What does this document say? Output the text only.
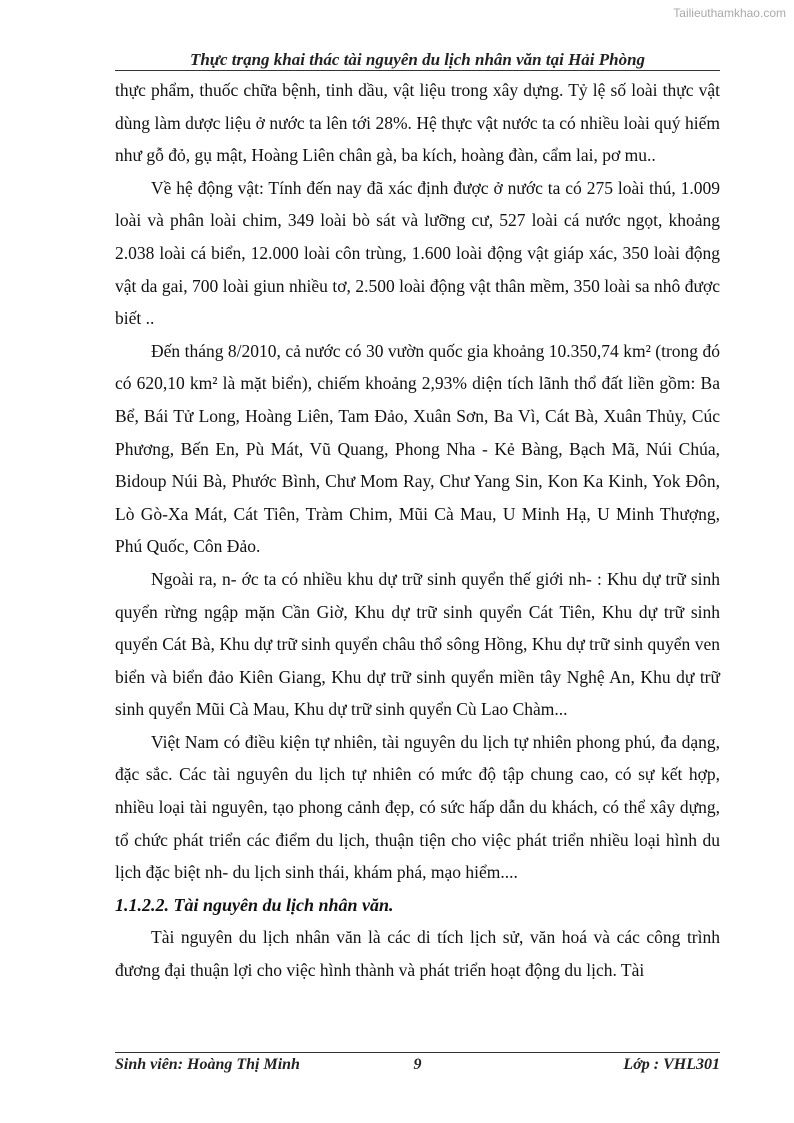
Tailieuthamkhao.com
Thực trạng khai thác tài nguyên du lịch nhân văn tại Hải Phòng

thực phẩm, thuốc chữa bệnh, tinh dầu, vật liệu trong xây dựng. Tỷ lệ số loài thực vật dùng làm dược liệu ở nước ta lên tới 28%. Hệ thực vật nước ta có nhiều loài quý hiếm như gỗ đỏ, gụ mật, Hoàng Liên chân gà, ba kích, hoàng đàn, cẩm lai, pơ mu..

Về hệ động vật: Tính đến nay đã xác định được ở nước ta có 275 loài thú, 1.009 loài và phân loài chim, 349 loài bò sát và lưỡng cư, 527 loài cá nước ngọt, khoảng 2.038 loài cá biển, 12.000 loài côn trùng, 1.600 loài động vật giáp xác, 350 loài động vật da gai, 700 loài giun nhiều tơ, 2.500 loài động vật thân mềm, 350 loài sa nhô được biết ..

Đến tháng 8/2010, cả nước có 30 vườn quốc gia khoảng 10.350,74 km² (trong đó có 620,10 km² là mặt biển), chiếm khoảng 2,93% diện tích lãnh thổ đất liền gồm: Ba Bể, Bái Tử Long, Hoàng Liên, Tam Đảo, Xuân Sơn, Ba Vì, Cát Bà, Xuân Thủy, Cúc Phương, Bến En, Pù Mát, Vũ Quang, Phong Nha - Kẻ Bàng, Bạch Mã, Núi Chúa, Bidoup Núi Bà, Phước Bình, Chư Mom Ray, Chư Yang Sin, Kon Ka Kinh, Yok Đôn, Lò Gò-Xa Mát, Cát Tiên, Tràm Chim, Mũi Cà Mau, U Minh Hạ, U Minh Thượng, Phú Quốc, Côn Đảo.

Ngoài ra, n- ớc ta có nhiều khu dự trữ sinh quyển thế giới nh- : Khu dự trữ sinh quyển rừng ngập mặn Cần Giờ, Khu dự trữ sinh quyển Cát Tiên, Khu dự trữ sinh quyển Cát Bà, Khu dự trữ sinh quyển châu thổ sông Hồng, Khu dự trữ sinh quyển ven biển và biển đảo Kiên Giang, Khu dự trữ sinh quyển miền tây Nghệ An, Khu dự trữ sinh quyển Mũi Cà Mau, Khu dự trữ sinh quyển Cù Lao Chàm...

Việt Nam có điều kiện tự nhiên, tài nguyên du lịch tự nhiên phong phú, đa dạng, đặc sắc. Các tài nguyên du lịch tự nhiên có mức độ tập chung cao, có sự kết hợp, nhiều loại tài nguyên, tạo phong cảnh đẹp, có sức hấp dẫn du khách, có thể xây dựng, tổ chức phát triển các điểm du lịch, thuận tiện cho việc phát triển nhiều loại hình du lịch đặc biệt nh- du lịch sinh thái, khám phá, mạo hiểm....

1.1.2.2. Tài nguyên du lịch nhân văn.

Tài nguyên du lịch nhân văn là các di tích lịch sử, văn hoá và các công trình đương đại thuận lợi cho việc hình thành và phát triển hoạt động du lịch. Tài

Sinh viên: Hoàng Thị Minh	9	Lớp : VHL301
